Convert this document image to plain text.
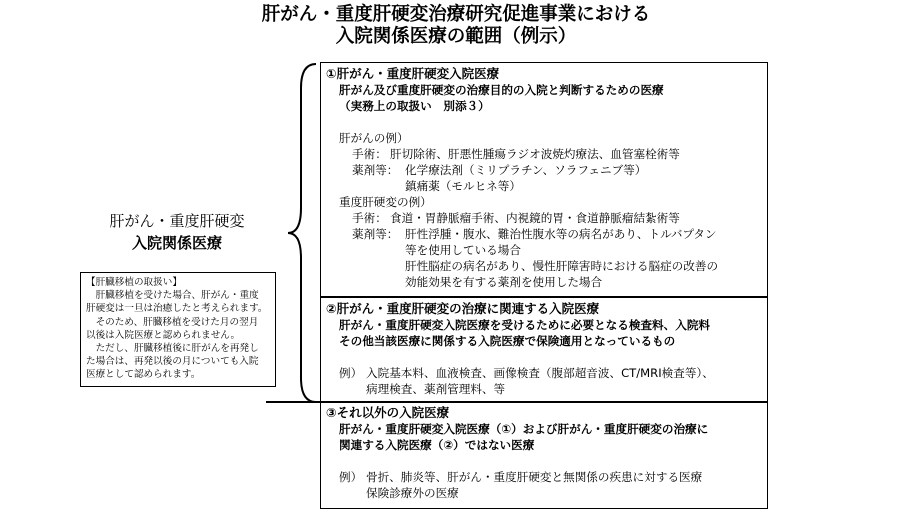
肝がん・重度肝硬変治療研究促進事業における
入院関係医療の範囲（例示）
肝がん・重度肝硬変
入院関係医療
【肝臓移植の取扱い】
　肝臓移植を受けた場合、肝がん・重度
肝硬変は一旦は治癒したと考えられます。
　そのため、肝臓移植を受けた月の翌月
以後は入院医療と認められません。
　ただし、肝臓移植後に肝がんを再発し
た場合は、再発以後の月についても入院
医療として認められます。
①肝がん・重度肝硬変入院医療
肝がん及び重度肝硬変の治療目的の入院と判断するための医療
（実務上の取扱い　別添３）
肝がんの例）
手術： 肝切除術、肝悪性腫瘍ラジオ波焼灼療法、血管塞栓術等
薬剤等： 化学療法剤（ミリプラチン、ソラフェニブ等）
鎮痛薬（モルヒネ等）
重度肝硬変の例）
手術： 食道・胃静脈瘤手術、内視鏡的胃・食道静脈瘤結紮術等
薬剤等： 肝性浮腫・腹水、難治性腹水等の病名があり、トルバプタン
等を使用している場合
肝性脳症の病名があり、慢性肝障害時における脳症の改善の
効能効果を有する薬剤を使用した場合
②肝がん・重度肝硬変の治療に関連する入院医療
肝がん・重度肝硬変入院医療を受けるために必要となる検査料、入院料
その他当該医療に関係する入院医療で保険適用となっているもの
例） 入院基本料、血液検査、画像検査（腹部超音波、CT/MRI検査等）、
病理検査、薬剤管理料、等
③それ以外の入院医療
肝がん・重度肝硬変入院医療（①）および肝がん・重度肝硬変の治療に
関連する入院医療（②）ではない医療
例） 骨折、肺炎等、肝がん・重度肝硬変と無関係の疾患に対する医療
保険診療外の医療
